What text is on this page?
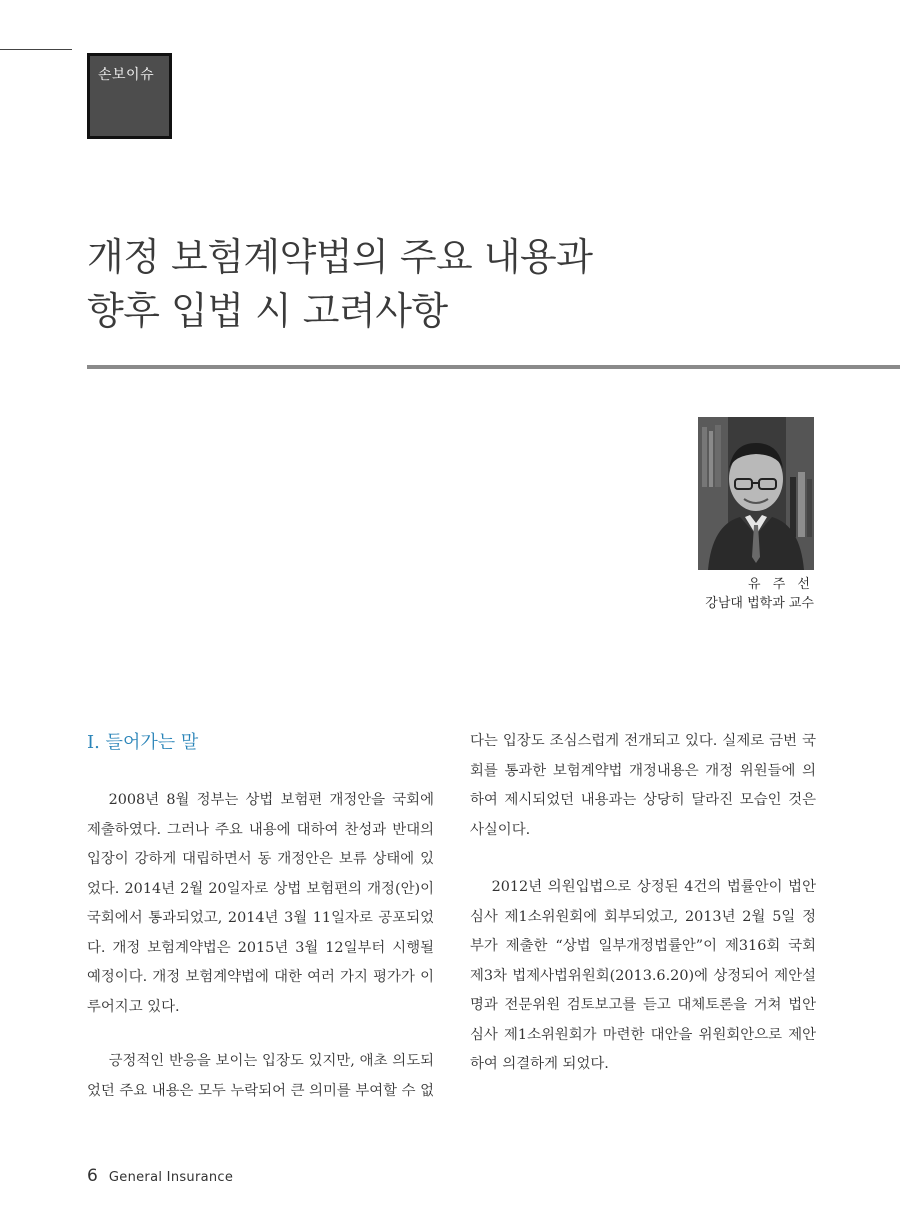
손보이슈
개정 보험계약법의 주요 내용과
향후 입법 시 고려사항
유 주 선
강남대 법학과 교수
I. 들어가는 말

2008년 8월 정부는 상법 보험편 개정안을 국회에 제출하였다. 그러나 주요 내용에 대하여 찬성과 반대의 입장이 강하게 대립하면서 동 개정안은 보류 상태에 있었다. 2014년 2월 20일자로 상법 보험편의 개정(안)이 국회에서 통과되었고, 2014년 3월 11일자로 공포되었다. 개정 보험계약법은 2015년 3월 12일부터 시행될 예정이다. 개정 보험계약법에 대한 여러 가지 평가가 이루어지고 있다.

긍정적인 반응을 보이는 입장도 있지만, 애초 의도되었던 주요 내용은 모두 누락되어 큰 의미를 부여할 수 없

다는 입장도 조심스럽게 전개되고 있다. 실제로 금번 국회를 통과한 보험계약법 개정내용은 개정 위원들에 의하여 제시되었던 내용과는 상당히 달라진 모습인 것은 사실이다.

2012년 의원입법으로 상정된 4건의 법률안이 법안심사 제1소위원회에 회부되었고, 2013년 2월 5일 정부가 제출한 “상법 일부개정법률안”이 제316회 국회 제3차 법제사법위원회(2013.6.20)에 상정되어 제안설명과 전문위원 검토보고를 듣고 대체토론을 거쳐 법안심사 제1소위원회가 마련한 대안을 위원회안으로 제안하여 의결하게 되었다.

6 General Insurance
